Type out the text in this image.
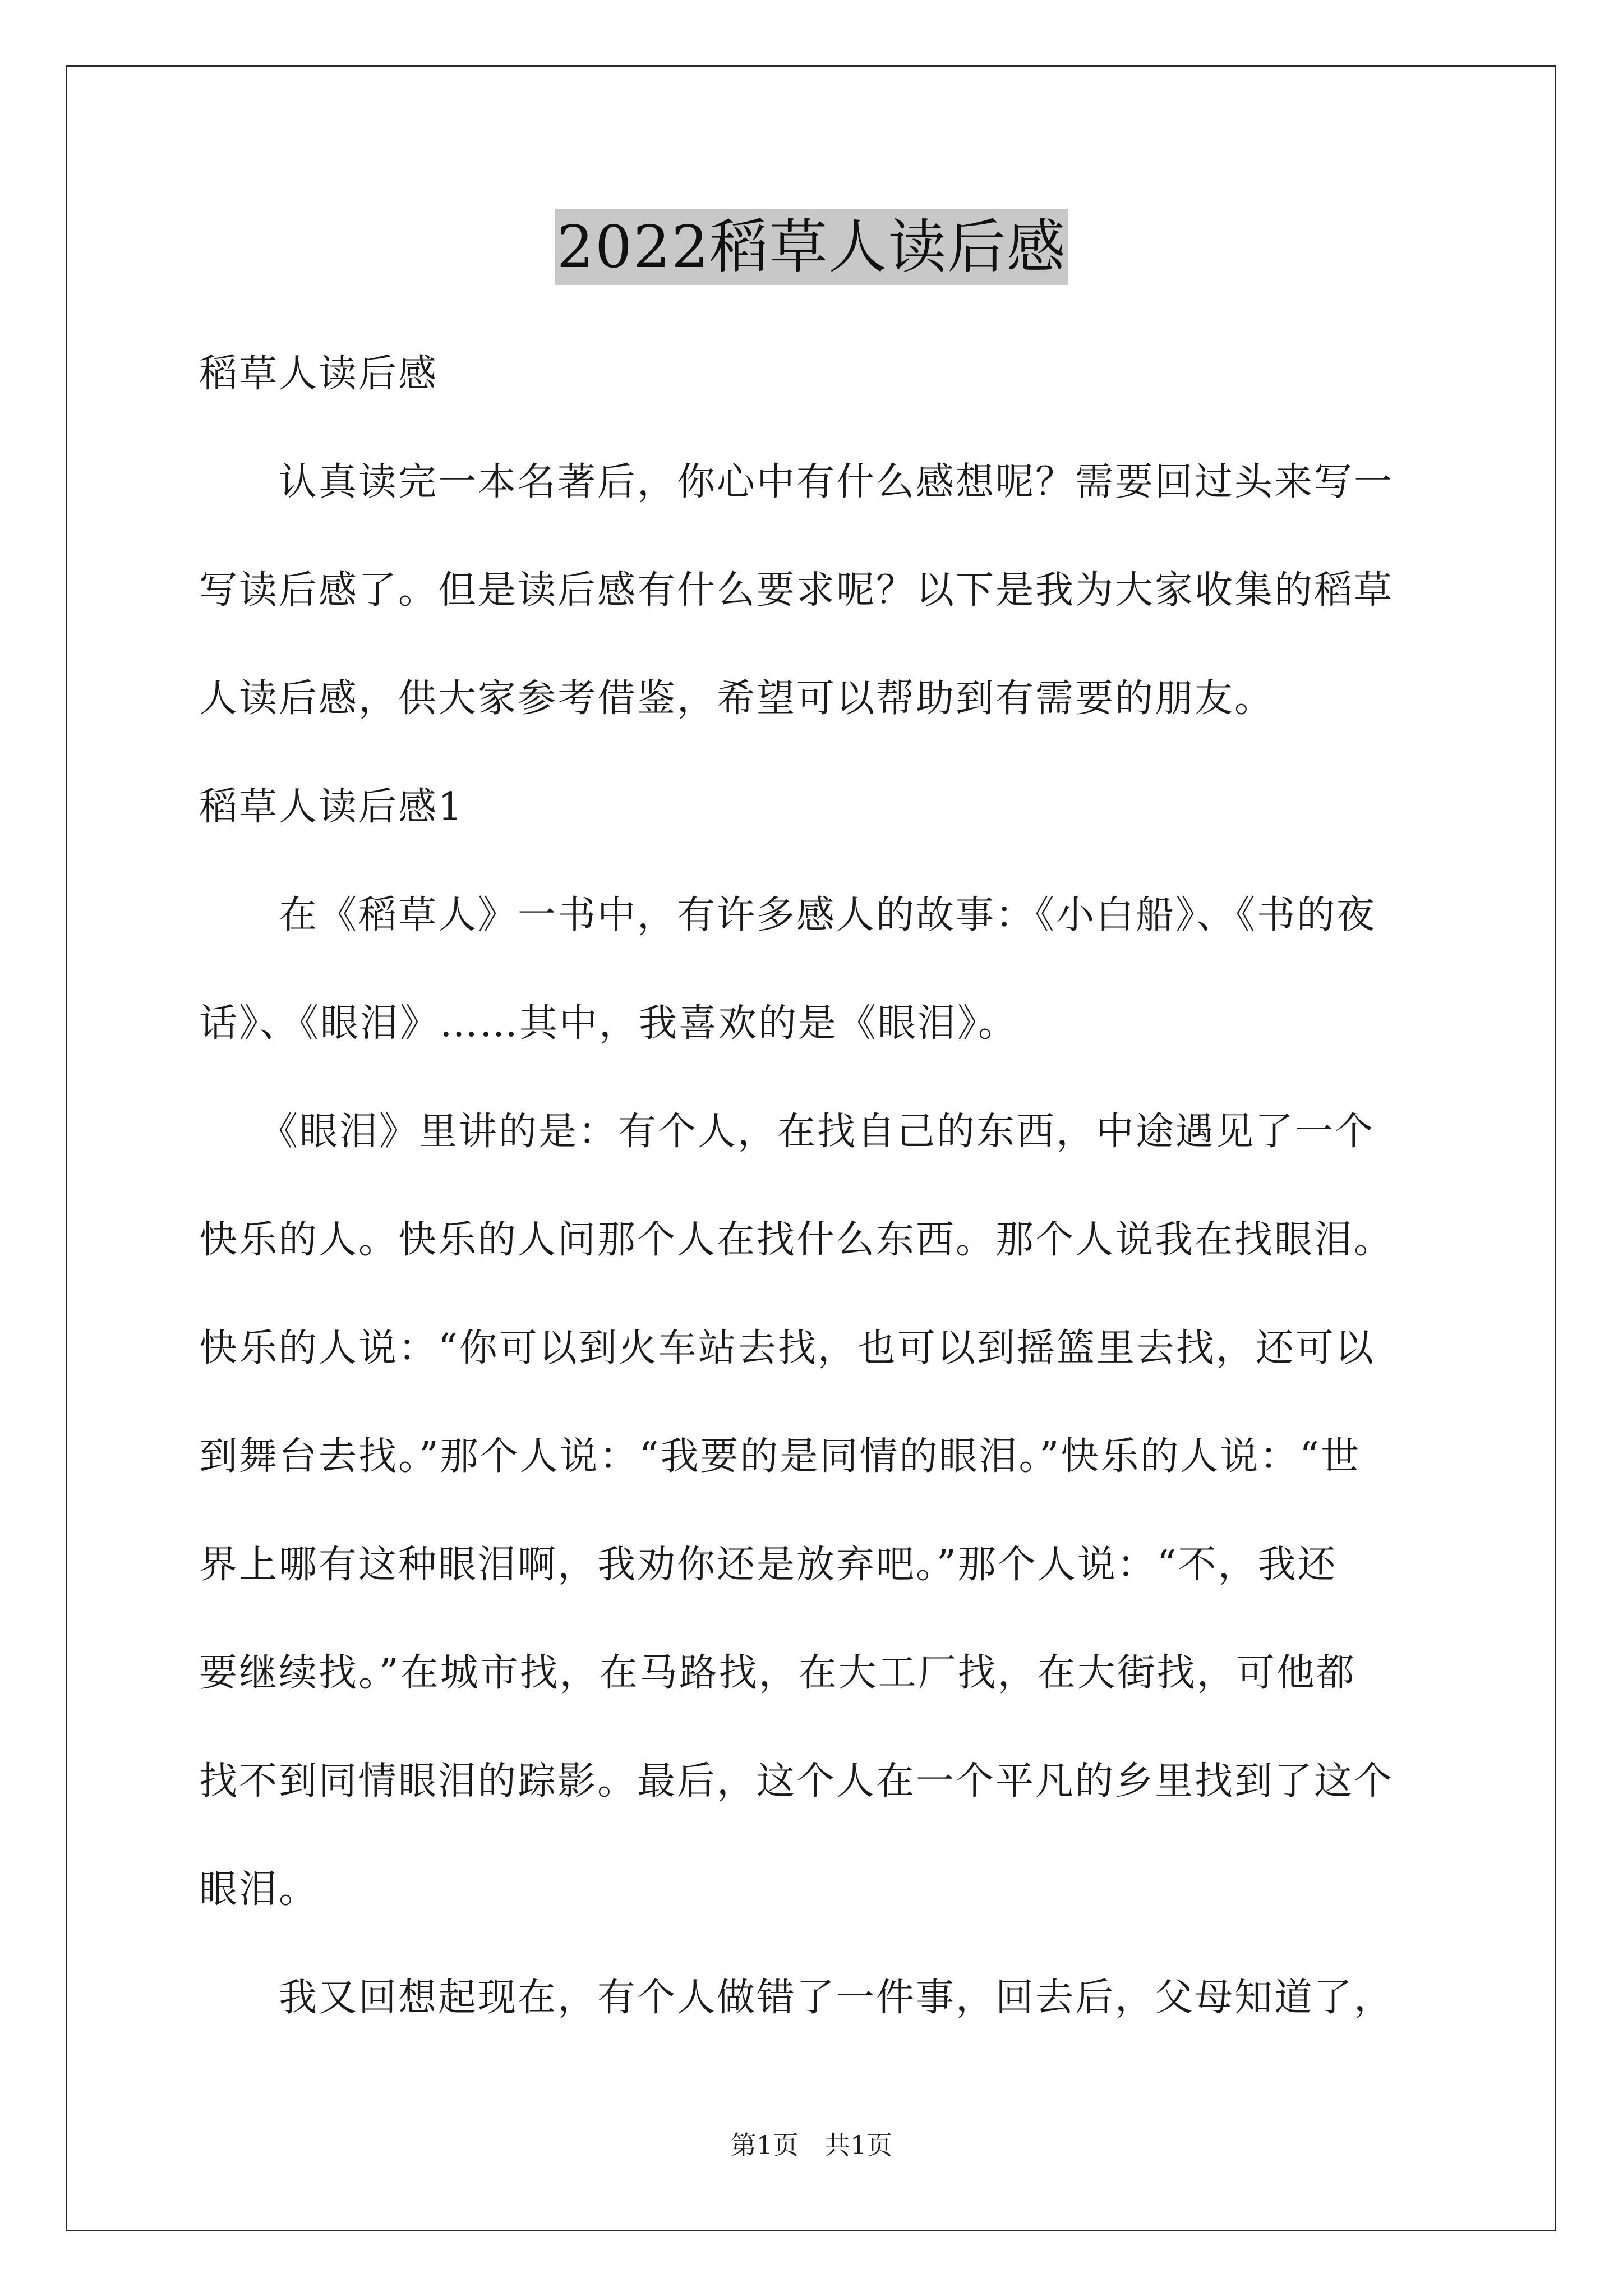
2022稻草人读后感
稻草人读后感
　　认真读完一本名著后，你心中有什么感想呢？需要回过头来写一
写读后感了。但是读后感有什么要求呢？以下是我为大家收集的稻草
人读后感，供大家参考借鉴，希望可以帮助到有需要的朋友。
稻草人读后感1
　　在《稻草人》一书中，有许多感人的故事：《小白船》、《书的夜
话》、《眼泪》……其中，我喜欢的是《眼泪》。
　　《眼泪》里讲的是：有个人，在找自己的东西，中途遇见了一个
快乐的人。快乐的人问那个人在找什么东西。那个人说我在找眼泪。
快乐的人说：“你可以到火车站去找，也可以到摇篮里去找，还可以
到舞台去找。”那个人说：“我要的是同情的眼泪。”快乐的人说：“世
界上哪有这种眼泪啊，我劝你还是放弃吧。”那个人说：“不，我还
要继续找。”在城市找，在马路找，在大工厂找，在大街找，可他都
找不到同情眼泪的踪影。最后，这个人在一个平凡的乡里找到了这个
眼泪。
　　我又回想起现在，有个人做错了一件事，回去后，父母知道了，
第1页 共1页
